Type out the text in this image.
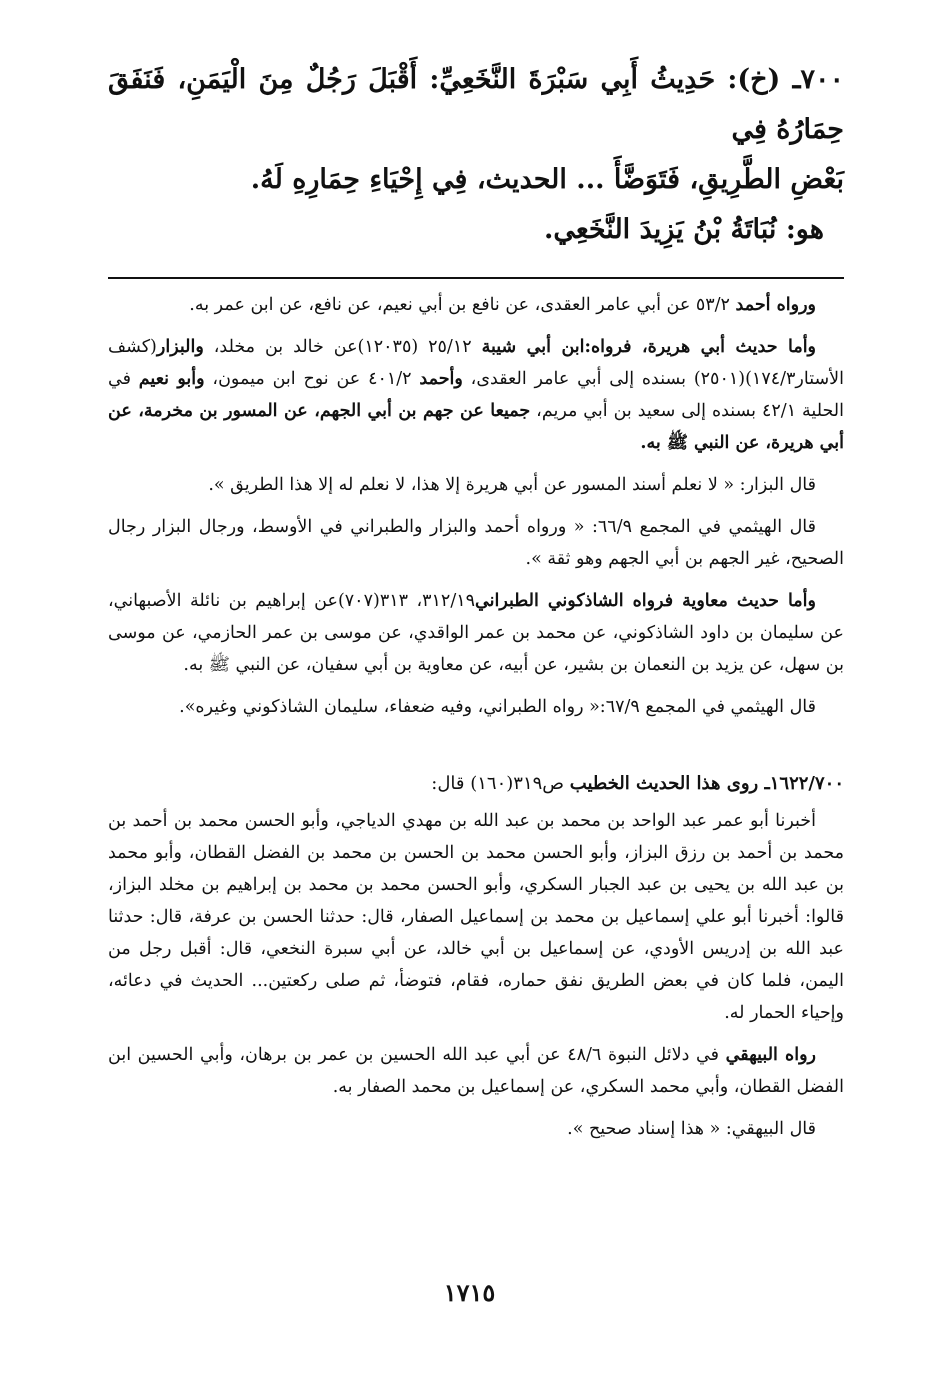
٧٠٠ـ (خ): حَدِيثُ أَبِي سَبْرَةَ النَّخَعِيِّ: أَقْبَلَ رَجُلٌ مِنَ الْيَمَنِ، فَنَفَقَ حِمَارُهُ فِي

بَعْضِ الطَّرِيقِ، فَتَوَضَّأَ ... الحديث، فِي إِحْيَاءِ حِمَارِهِ لَهُ.

هو: نُبَاتَةُ بْنُ يَزِيدَ النَّخَعِي.

ورواه أحمد ٥٣/٢ عن أبي عامر العقدى، عن نافع بن أبي نعيم، عن نافع، عن ابن عمر به.

وأما حديث أبي هريرة، فرواه:ابن أبي شيبة ٢٥/١٢ (١٢٠٣٥)عن خالد بن مخلد، والبزار(كشف الأستار١٧٤/٣)(٢٥٠١) بسنده إلى أبي عامر العقدى، وأحمد ٤٠١/٢ عن نوح ابن ميمون، وأبو نعيم في الحلية ٤٢/١ بسنده إلى سعيد بن أبي مريم، جميعا عن جهم بن أبي الجهم، عن المسور بن مخرمة، عن أبي هريرة، عن النبي ﷺ به.

قال البزار: « لا نعلم أسند المسور عن أبي هريرة إلا هذا، لا نعلم له إلا هذا الطريق ».

قال الهيثمي في المجمع ٦٦/٩: « ورواه أحمد والبزار والطبراني في الأوسط، ورجال البزار رجال الصحيح، غير الجهم بن أبي الجهم وهو ثقة ».

وأما حديث معاوية فرواه الشاذكوني الطبراني٣١٢/١٩، ٣١٣(٧٠٧)عن إبراهيم بن نائلة الأصبهاني، عن سليمان بن داود الشاذكوني، عن محمد بن عمر الواقدي، عن موسى بن عمر الحازمي، عن موسى بن سهل، عن يزيد بن النعمان بن بشير، عن أبيه، عن معاوية بن أبي سفيان، عن النبي ﷺ به.

قال الهيثمي في المجمع ٦٧/٩:« رواه الطبراني، وفيه ضعفاء، سليمان الشاذكوني وغيره».

١٦٢٢/٧٠٠ـ روى هذا الحديث الخطيب ص٣١٩(١٦٠) قال:

أخبرنا أبو عمر عبد الواحد بن محمد بن عبد الله بن مهدي الدياجي، وأبو الحسن محمد بن أحمد بن محمد بن أحمد بن رزق البزاز، وأبو الحسن محمد بن الحسن بن محمد بن الفضل القطان، وأبو محمد بن عبد الله بن يحيى بن عبد الجبار السكري، وأبو الحسن محمد بن محمد بن إبراهيم بن مخلد البزاز، قالوا: أخبرنا أبو علي إسماعيل بن محمد بن إسماعيل الصفار، قال: حدثنا الحسن بن عرفة، قال: حدثنا عبد الله بن إدريس الأودي، عن إسماعيل بن أبي خالد، عن أبي سبرة النخعي، قال: أقبل رجل من اليمن، فلما كان في بعض الطريق نفق حماره، فقام، فتوضأ، ثم صلى ركعتين... الحديث في دعائه، وإحياء الحمار له.

رواه البيهقي في دلائل النبوة ٤٨/٦ عن أبي عبد الله الحسين بن عمر بن برهان، وأبي الحسين ابن الفضل القطان، وأبي محمد السكري، عن إسماعيل بن محمد الصفار به.

قال البيهقي: « هذا إسناد صحيح ».

١٧١٥
